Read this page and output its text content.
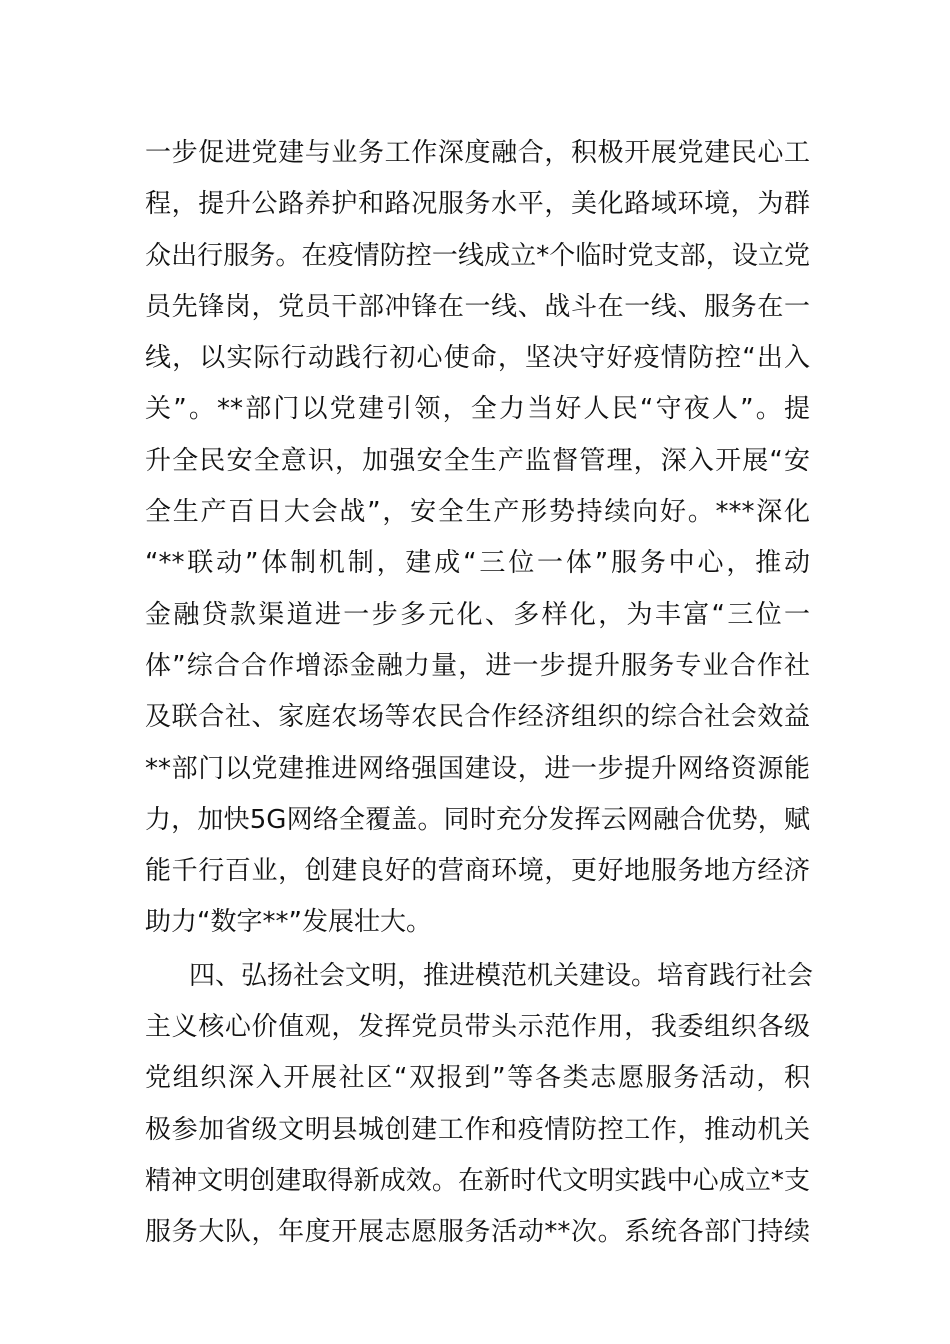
一步促进党建与业务工作深度融合，积极开展党建民心工
程，提升公路养护和路况服务水平，美化路域环境，为群
众出行服务。在疫情防控一线成立*个临时党支部，设立党
员先锋岗，党员干部冲锋在一线、战斗在一线、服务在一
线，以实际行动践行初心使命，坚决守好疫情防控“出入
关”。**部门以党建引领，全力当好人民“守夜人”。提
升全民安全意识，加强安全生产监督管理，深入开展“安
全生产百日大会战”，安全生产形势持续向好。***深化
“**联动”体制机制，建成“三位一体”服务中心，推动
金融贷款渠道进一步多元化、多样化，为丰富“三位一
体”综合合作增添金融力量，进一步提升服务专业合作社
及联合社、家庭农场等农民合作经济组织的综合社会效益
**部门以党建推进网络强国建设，进一步提升网络资源能
力，加快5G网络全覆盖。同时充分发挥云网融合优势，赋
能千行百业，创建良好的营商环境，更好地服务地方经济
助力“数字**”发展壮大。
四、弘扬社会文明，推进模范机关建设。培育践行社会
主义核心价值观，发挥党员带头示范作用，我委组织各级
党组织深入开展社区“双报到”等各类志愿服务活动，积
极参加省级文明县城创建工作和疫情防控工作，推动机关
精神文明创建取得新成效。在新时代文明实践中心成立*支
服务大队，年度开展志愿服务活动**次。系统各部门持续
